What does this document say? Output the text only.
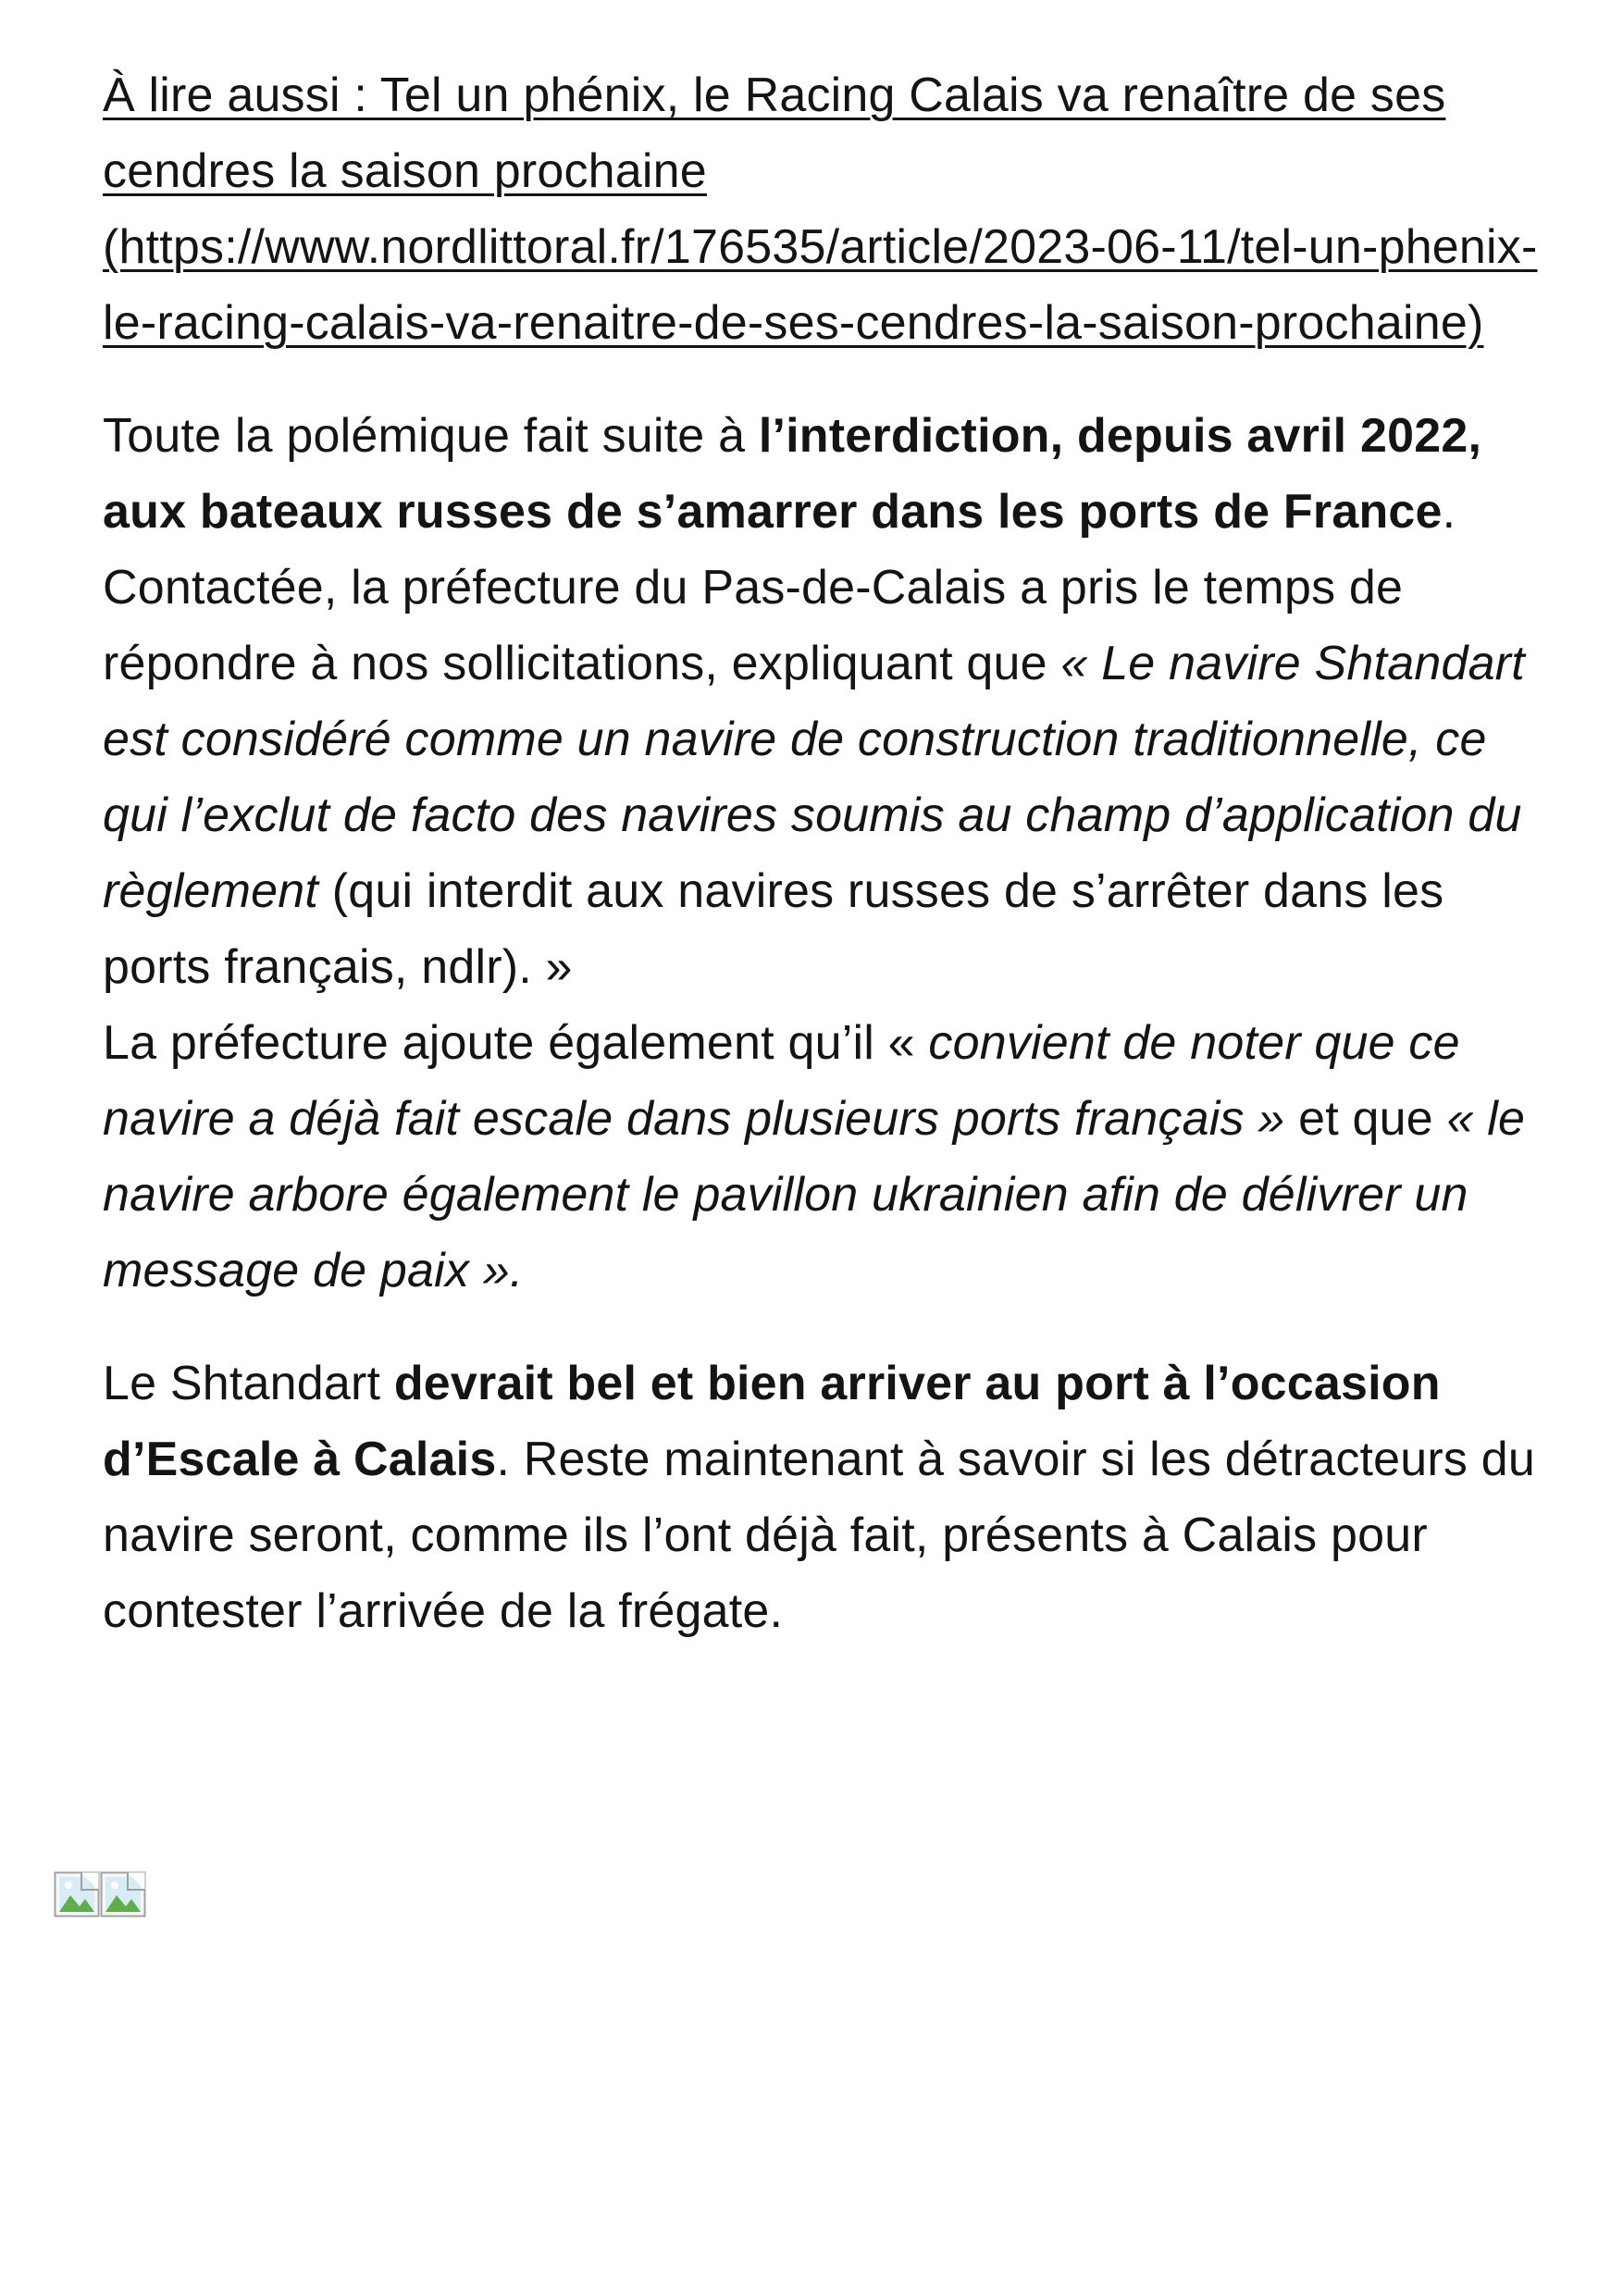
À lire aussi : Tel un phénix, le Racing Calais va renaître de ses cendres la saison prochaine (https://www.nordlittoral.fr/176535/article/2023-06-11/tel-un-phenix-le-racing-calais-va-renaitre-de-ses-cendres-la-saison-prochaine)

Toute la polémique fait suite à l’interdiction, depuis avril 2022, aux bateaux russes de s’amarrer dans les ports de France. Contactée, la préfecture du Pas-de-Calais a pris le temps de répondre à nos sollicitations, expliquant que « Le navire Shtandart est considéré comme un navire de construction traditionnelle, ce qui l’exclut de facto des navires soumis au champ d’application du règlement (qui interdit aux navires russes de s’arrêter dans les ports français, ndlr). »

La préfecture ajoute également qu’il « convient de noter que ce navire a déjà fait escale dans plusieurs ports français » et que « le navire arbore également le pavillon ukrainien afin de délivrer un message de paix ».

Le Shtandart devrait bel et bien arriver au port à l’occasion d’Escale à Calais. Reste maintenant à savoir si les détracteurs du navire seront, comme ils l’ont déjà fait, présents à Calais pour contester l’arrivée de la frégate.
